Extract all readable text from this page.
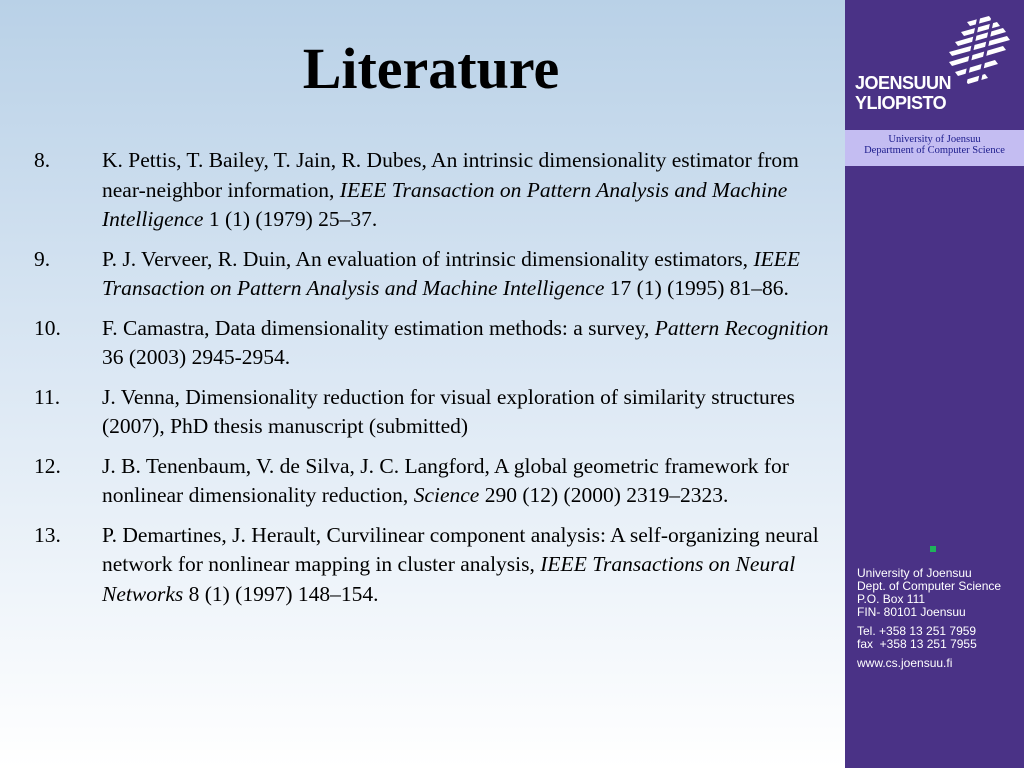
Literature
8.	K. Pettis, T. Bailey, T. Jain, R. Dubes, An intrinsic dimensionality estimator from near-neighbor information, IEEE Transaction on Pattern Analysis and Machine Intelligence 1 (1) (1979) 25–37.
9.	P. J. Verveer, R. Duin, An evaluation of intrinsic dimensionality estimators, IEEE Transaction on Pattern Analysis and Machine Intelligence 17 (1) (1995) 81–86.
10.	F. Camastra, Data dimensionality estimation methods: a survey, Pattern Recognition 36 (2003) 2945-2954.
11.	J. Venna, Dimensionality reduction for visual exploration of similarity structures (2007), PhD thesis manuscript (submitted)
12.	J. B. Tenenbaum, V. de Silva, J. C. Langford, A global geometric framework for nonlinear dimensionality reduction, Science 290 (12) (2000) 2319–2323.
13.	P. Demartines, J. Herault, Curvilinear component analysis: A self-organizing neural network for nonlinear mapping in cluster analysis, IEEE Transactions on Neural Networks 8 (1) (1997) 148–154.
JOENSUUN
YLIOPISTO
University of Joensuu
Department of Computer Science
University of Joensuu
Dept. of Computer Science
P.O. Box 111
FIN- 80101 Joensuu
Tel. +358 13 251 7959
fax  +358 13 251 7955
www.cs.joensuu.fi
